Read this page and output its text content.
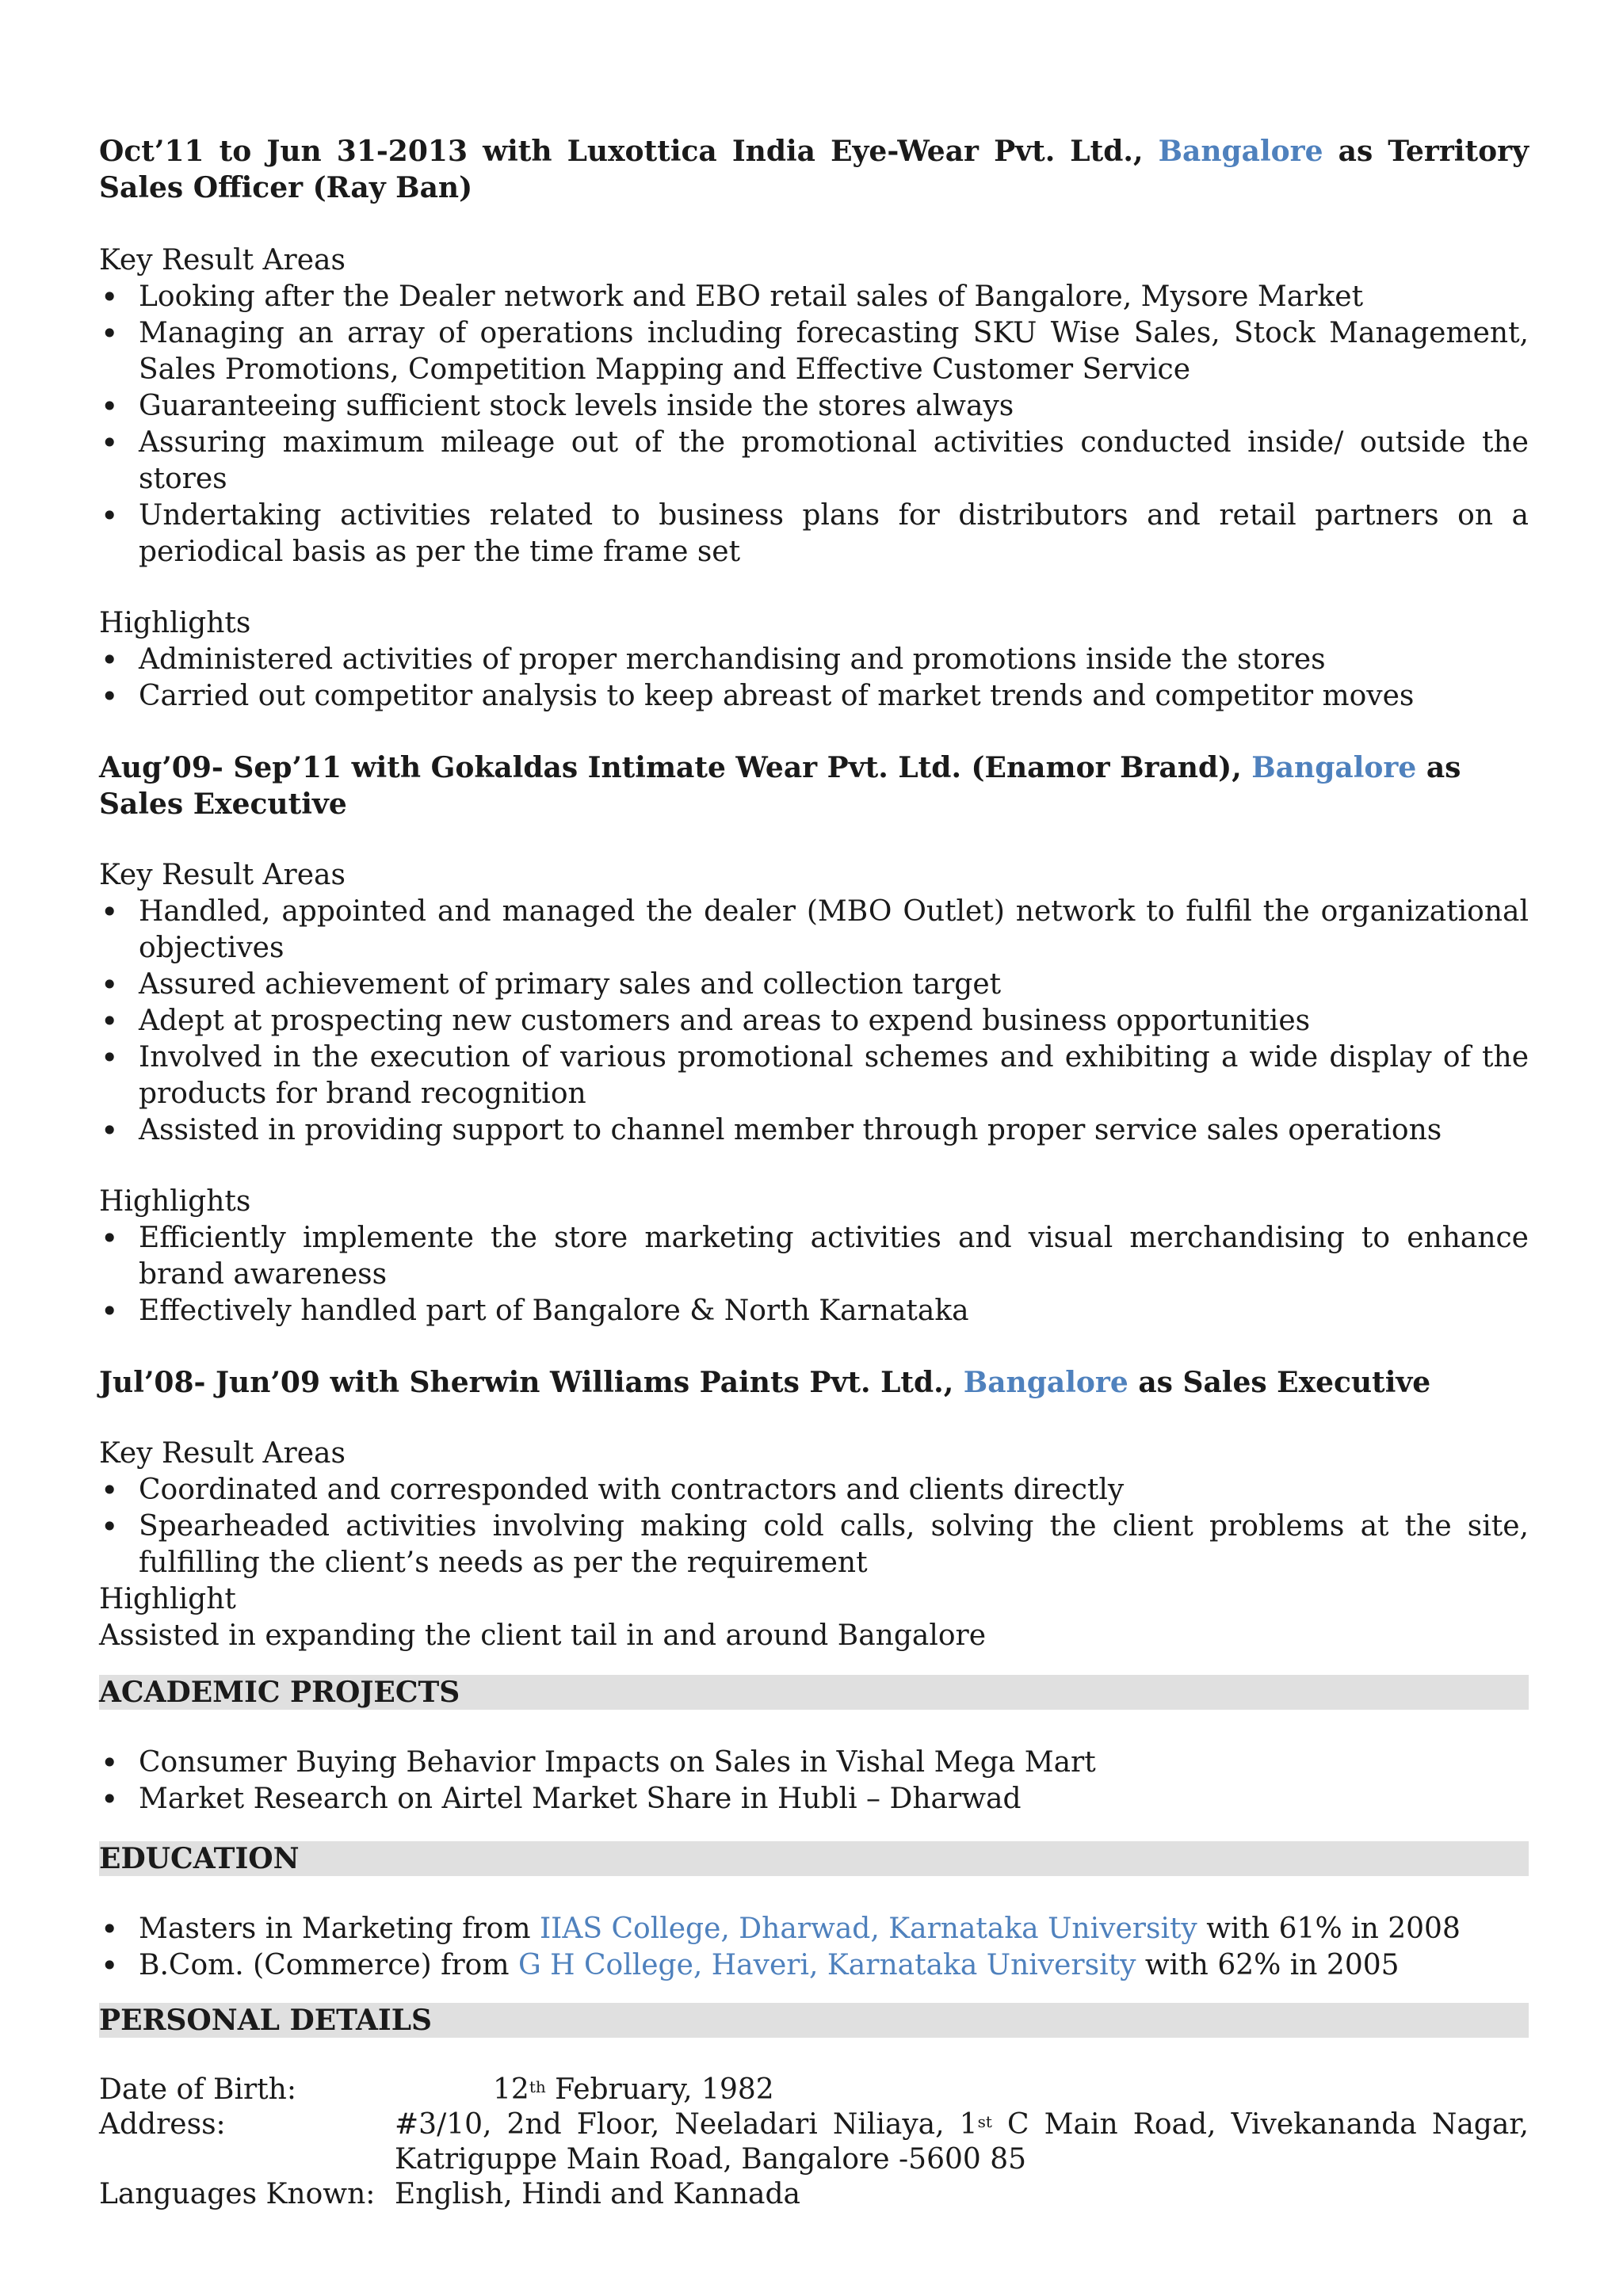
Oct’11 to Jun 31-2013 with Luxottica India Eye-Wear Pvt. Ltd., Bangalore as Territory Sales Officer (Ray Ban)

Key Result Areas

• Looking after the Dealer network and EBO retail sales of Bangalore, Mysore Market
• Managing an array of operations including forecasting SKU Wise Sales, Stock Management, Sales Promotions, Competition Mapping and Effective Customer Service
• Guaranteeing sufficient stock levels inside the stores always
• Assuring maximum mileage out of the promotional activities conducted inside/ outside the stores
• Undertaking activities related to business plans for distributors and retail partners on a periodical basis as per the time frame set

Highlights

• Administered activities of proper merchandising and promotions inside the stores
• Carried out competitor analysis to keep abreast of market trends and competitor moves

Aug’09- Sep’11 with Gokaldas Intimate Wear Pvt. Ltd. (Enamor Brand), Bangalore as Sales Executive

Key Result Areas

• Handled, appointed and managed the dealer (MBO Outlet) network to fulfil the organizational objectives
• Assured achievement of primary sales and collection target
• Adept at prospecting new customers and areas to expend business opportunities
• Involved in the execution of various promotional schemes and exhibiting a wide display of the products for brand recognition
• Assisted in providing support to channel member through proper service sales operations

Highlights

• Efficiently implemente the store marketing activities and visual merchandising to enhance brand awareness
• Effectively handled part of Bangalore & North Karnataka

Jul’08- Jun’09 with Sherwin Williams Paints Pvt. Ltd., Bangalore as Sales Executive

Key Result Areas

• Coordinated and corresponded with contractors and clients directly
• Spearheaded activities involving making cold calls, solving the client problems at the site, fulfilling the client’s needs as per the requirement

Highlight

Assisted in expanding the client tail in and around Bangalore

ACADEMIC PROJECTS
• Consumer Buying Behavior Impacts on Sales in Vishal Mega Mart
• Market Research on Airtel Market Share in Hubli – Dharwad
EDUCATION
• Masters in Marketing from IIAS College, Dharwad, Karnataka University with 61% in 2008
• B.Com. (Commerce) from G H College, Haveri, Karnataka University with 62% in 2005
PERSONAL DETAILS
Date of Birth:	12th February, 1982
Address:	#3/10, 2nd Floor, Neeladari Niliaya, 1st C Main Road, Vivekananda Nagar, Katriguppe Main Road, Bangalore -5600 85
Languages Known: English, Hindi and Kannada
